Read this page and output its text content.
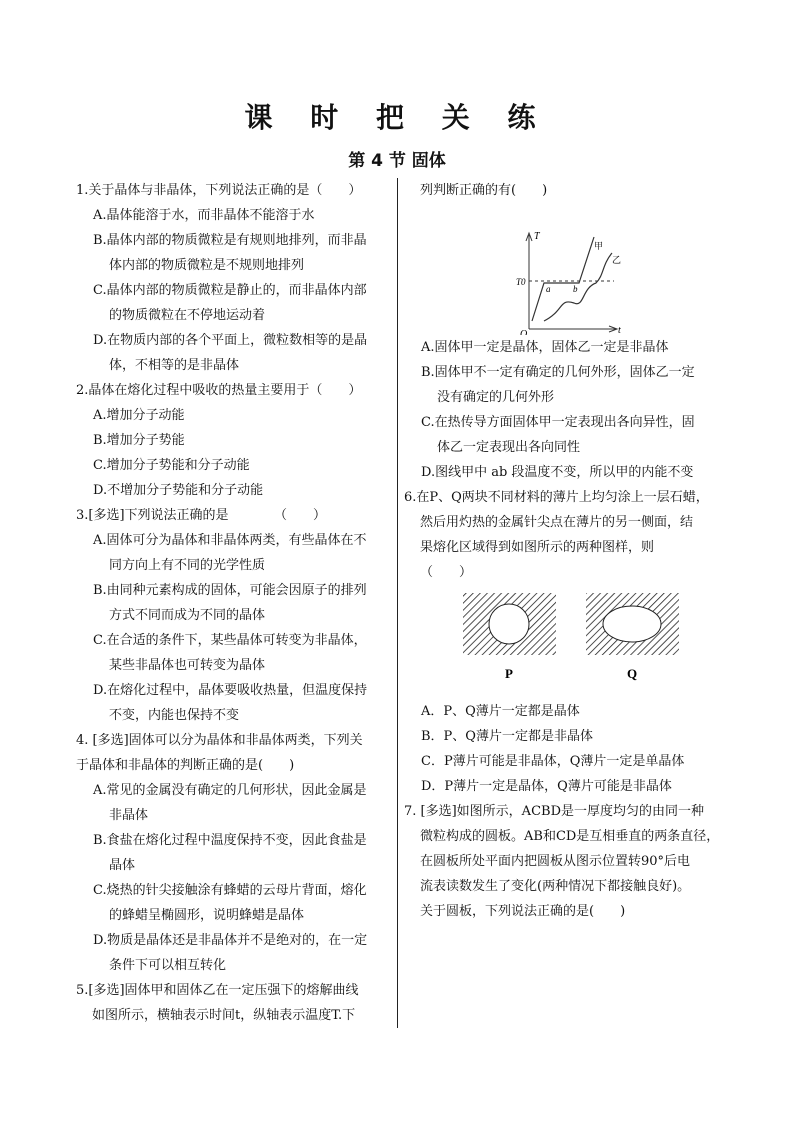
课 时 把 关 练
第 4 节 固体
1.关于晶体与非晶体，下列说法正确的是（　　）
A.晶体能溶于水，而非晶体不能溶于水
B.晶体内部的物质微粒是有规则地排列，而非晶
体内部的物质微粒是不规则地排列
C.晶体内部的物质微粒是静止的，而非晶体内部
的物质微粒在不停地运动着
D.在物质内部的各个平面上，微粒数相等的是晶
体，不相等的是非晶体
2.晶体在熔化过程中吸收的热量主要用于（　　）
A.增加分子动能
B.增加分子势能
C.增加分子势能和分子动能
D.不增加分子势能和分子动能
3.[多选]下列说法正确的是　　　　（　　）
A.固体可分为晶体和非晶体两类，有些晶体在不
同方向上有不同的光学性质
B.由同种元素构成的固体，可能会因原子的排列
方式不同而成为不同的晶体
C.在合适的条件下，某些晶体可转变为非晶体，
某些非晶体也可转变为晶体
D.在熔化过程中，晶体要吸收热量，但温度保持
不变，内能也保持不变
4. [多选]固体可以分为晶体和非晶体两类，下列关
于晶体和非晶体的判断正确的是(　　)
A.常见的金属没有确定的几何形状，因此金属是
非晶体
B.食盐在熔化过程中温度保持不变，因此食盐是
晶体
C.烧热的针尖接触涂有蜂蜡的云母片背面，熔化
的蜂蜡呈椭圆形，说明蜂蜡是晶体
D.物质是晶体还是非晶体并不是绝对的，在一定
条件下可以相互转化
5.[多选]固体甲和固体乙在一定压强下的熔解曲线
如图所示，横轴表示时间t，纵轴表示温度T.下
列判断正确的有(　　)
T
t
O
T0
a	b
甲
乙
A.固体甲一定是晶体，固体乙一定是非晶体
B.固体甲不一定有确定的几何外形，固体乙一定
没有确定的几何外形
C.在热传导方面固体甲一定表现出各向异性，固
体乙一定表现出各向同性
D.图线甲中 ab 段温度不变，所以甲的内能不变
6.在P、Q两块不同材料的薄片上均匀涂上一层石蜡，
然后用灼热的金属针尖点在薄片的另一侧面，结
果熔化区域得到如图所示的两种图样，则
（　　）
P	Q
A．P、Q薄片一定都是晶体
B．P、Q薄片一定都是非晶体
C．P薄片可能是非晶体，Q薄片一定是单晶体
D．P薄片一定是晶体，Q薄片可能是非晶体
7. [多选]如图所示，ACBD是一厚度均匀的由同一种
微粒构成的圆板。AB和CD是互相垂直的两条直径，
在圆板所处平面内把圆板从图示位置转90°后电
流表读数发生了变化(两种情况下都接触良好)。
关于圆板，下列说法正确的是(　　)
